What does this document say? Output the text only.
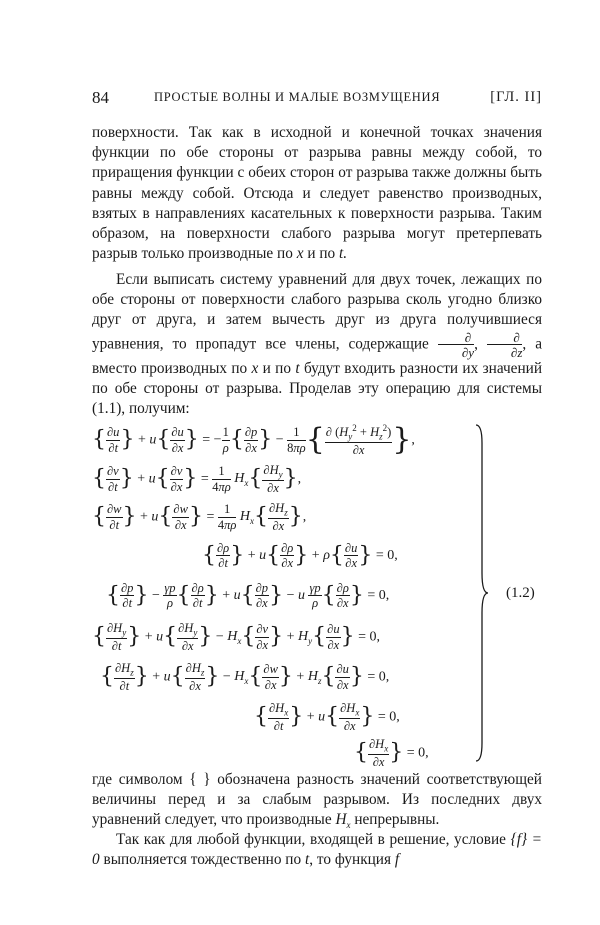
84	ПРОСТЫЕ ВОЛНЫ И МАЛЫЕ ВОЗМУЩЕНИЯ	[ГЛ. II]

поверхности. Так как в исходной и конечной точках значения функции по обе стороны от разрыва равны между собой, то приращения функции с обеих сторон от разрыва также должны быть равны между собой. Отсюда и следует равенство производных, взятых в направлениях касательных к поверхности разрыва. Таким образом, на поверхности слабого разрыва могут претерпевать разрыв только производные по x и по t.

Если выписать систему уравнений для двух точек, лежащих по обе стороны от поверхности слабого разрыва сколь угодно близко друг от друга, и затем вычесть друг из друга получившиеся уравнения, то пропадут все члены, содержащие	∂
∂y ,	∂
∂z , а вместо производных по x и по t будут входить разности их значений по обе стороны от разрыва. Проделав эту операцию для системы (1.1), получим:

{ $\frac{\partial u}{\partial t}$ } + $u\{ \frac{\partial u}{\partial x}$ } = − $\frac{1}{\rho}$ { $\frac{\partial p}{\partial x}$ } − $\frac{1}{8\pi\rho}$ { $\frac{\partial (H_y^2 + H_z^2)}{\partial x}$ },
{ $\frac{\partial v}{\partial t}$ } + $u\{ \frac{\partial v}{\partial x}$ } = $\frac{1}{4\pi\rho} H_x\{ \frac{\partial H_y}{\partial x}$ },
{ $\frac{\partial w}{\partial t}$ } + $u\{ \frac{\partial w}{\partial x}$ } = $\frac{1}{4\pi\rho} H_x\{ \frac{\partial H_z}{\partial x}$ },
{ $\frac{\partial\rho}{\partial t}$ } + $u\{ \frac{\partial\rho}{\partial x}$ } + $\rho\{ \frac{\partial u}{\partial x}$ } = 0,
{ $\frac{\partial p}{\partial t}$ } − $\frac{\gamma p}{\rho}$ { $\frac{\partial\rho}{\partial t}$ } + $u\{ \frac{\partial p}{\partial x}$ } − u $\frac{\gamma p}{\rho}$ { $\frac{\partial\rho}{\partial x}$ } = 0,
{ $\frac{\partial H_y}{\partial t}$ } + $u\{ \frac{\partial H_y}{\partial x}$ } − $H_x\{ \frac{\partial v}{\partial x}$ } + $H_y\{ \frac{\partial u}{\partial x}$ } = 0,
{ $\frac{\partial H_z}{\partial t}$ } + $u\{ \frac{\partial H_z}{\partial x}$ } − $H_x\{ \frac{\partial w}{\partial x}$ } + $H_z\{ \frac{\partial u}{\partial x}$ } = 0,
{ $\frac{\partial H_x}{\partial t}$ } + $u\{ \frac{\partial H_x}{\partial x}$ } = 0,
{ $\frac{\partial H_x}{\partial x}$ } = 0,
(1.2)

где символом { } обозначена разность значений соответствующей величины перед и за слабым разрывом. Из последних двух уравнений следует, что производные $H_x$ непрерывны.

Так как для любой функции, входящей в решение, условие {f} = 0 выполняется тождественно по t, то функция f
